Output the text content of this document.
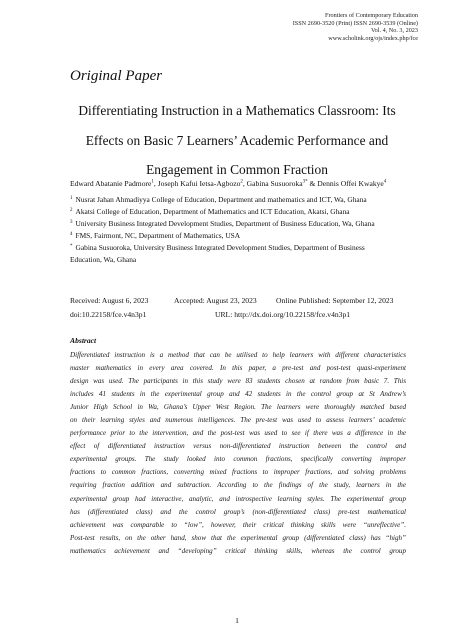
Frontiers of Contemporary Education
ISSN 2690-3520 (Print) ISSN 2690-3539 (Online)
Vol. 4, No. 3, 2023
www.scholink.org/ojs/index.php/fce
Original Paper
Differentiating Instruction in a Mathematics Classroom: Its
Effects on Basic 7 Learners’ Academic Performance and
Engagement in Common Fraction
Edward Abatanie Padmore$^1$, Joseph Kafui Ietsa-Agbozo$^2$, Gabina Susuoroka$^{3*}$ & Dennis Offei Kwakye$^4$
$^1$ Nusrat Jahan Ahmadiyya College of Education, Department and mathematics and ICT, Wa, Ghana
$^2$ Akatsi College of Education, Department of Mathematics and ICT Education, Akatsi, Ghana
$^3$ University Business Integrated Development Studies, Department of Business Education, Wa, Ghana
$^4$ FMS, Fairmont, NC, Department of Mathematics, USA
* Gabina Susuoroka, University Business Integrated Development Studies, Department of Business
Education, Wa, Ghana
Received: August 6, 2023	Accepted: August 23, 2023	Online Published: September 12, 2023
doi:10.22158/fce.v4n3p1	URL: http://dx.doi.org/10.22158/fce.v4n3p1
Abstract
Differentiated instruction is a method that can be utilised to help learners with different characteristics
master mathematics in every area covered. In this paper, a pre-test and post-test quasi-experiment
design was used. The participants in this study were 83 students chosen at random from basic 7. This
includes 41 students in the experimental group and 42 students in the control group at St Andrew’s
Junior High School in Wa, Ghana’s Upper West Region. The learners were thoroughly matched based
on their learning styles and numerous intelligences. The pre-test was used to assess learners’ academic
performance prior to the intervention, and the post-test was used to see if there was a difference in the
effect of differentiated instruction versus non-differentiated instruction between the control and
experimental groups. The study looked into common fractions, specifically converting improper
fractions to common fractions, converting mixed fractions to improper fractions, and solving problems
requiring fraction addition and subtraction. According to the findings of the study, learners in the
experimental group had interactive, analytic, and introspective learning styles. The experimental group
has (differentiated class) and the control group’s (non-differentiated class) pre-test mathematical
achievement was comparable to “low”, however, their critical thinking skills were “unreflective”.
Post-test results, on the other hand, show that the experimental group (differentiated class) has “high”
mathematics achievement and “developing” critical thinking skills, whereas the control group
1
